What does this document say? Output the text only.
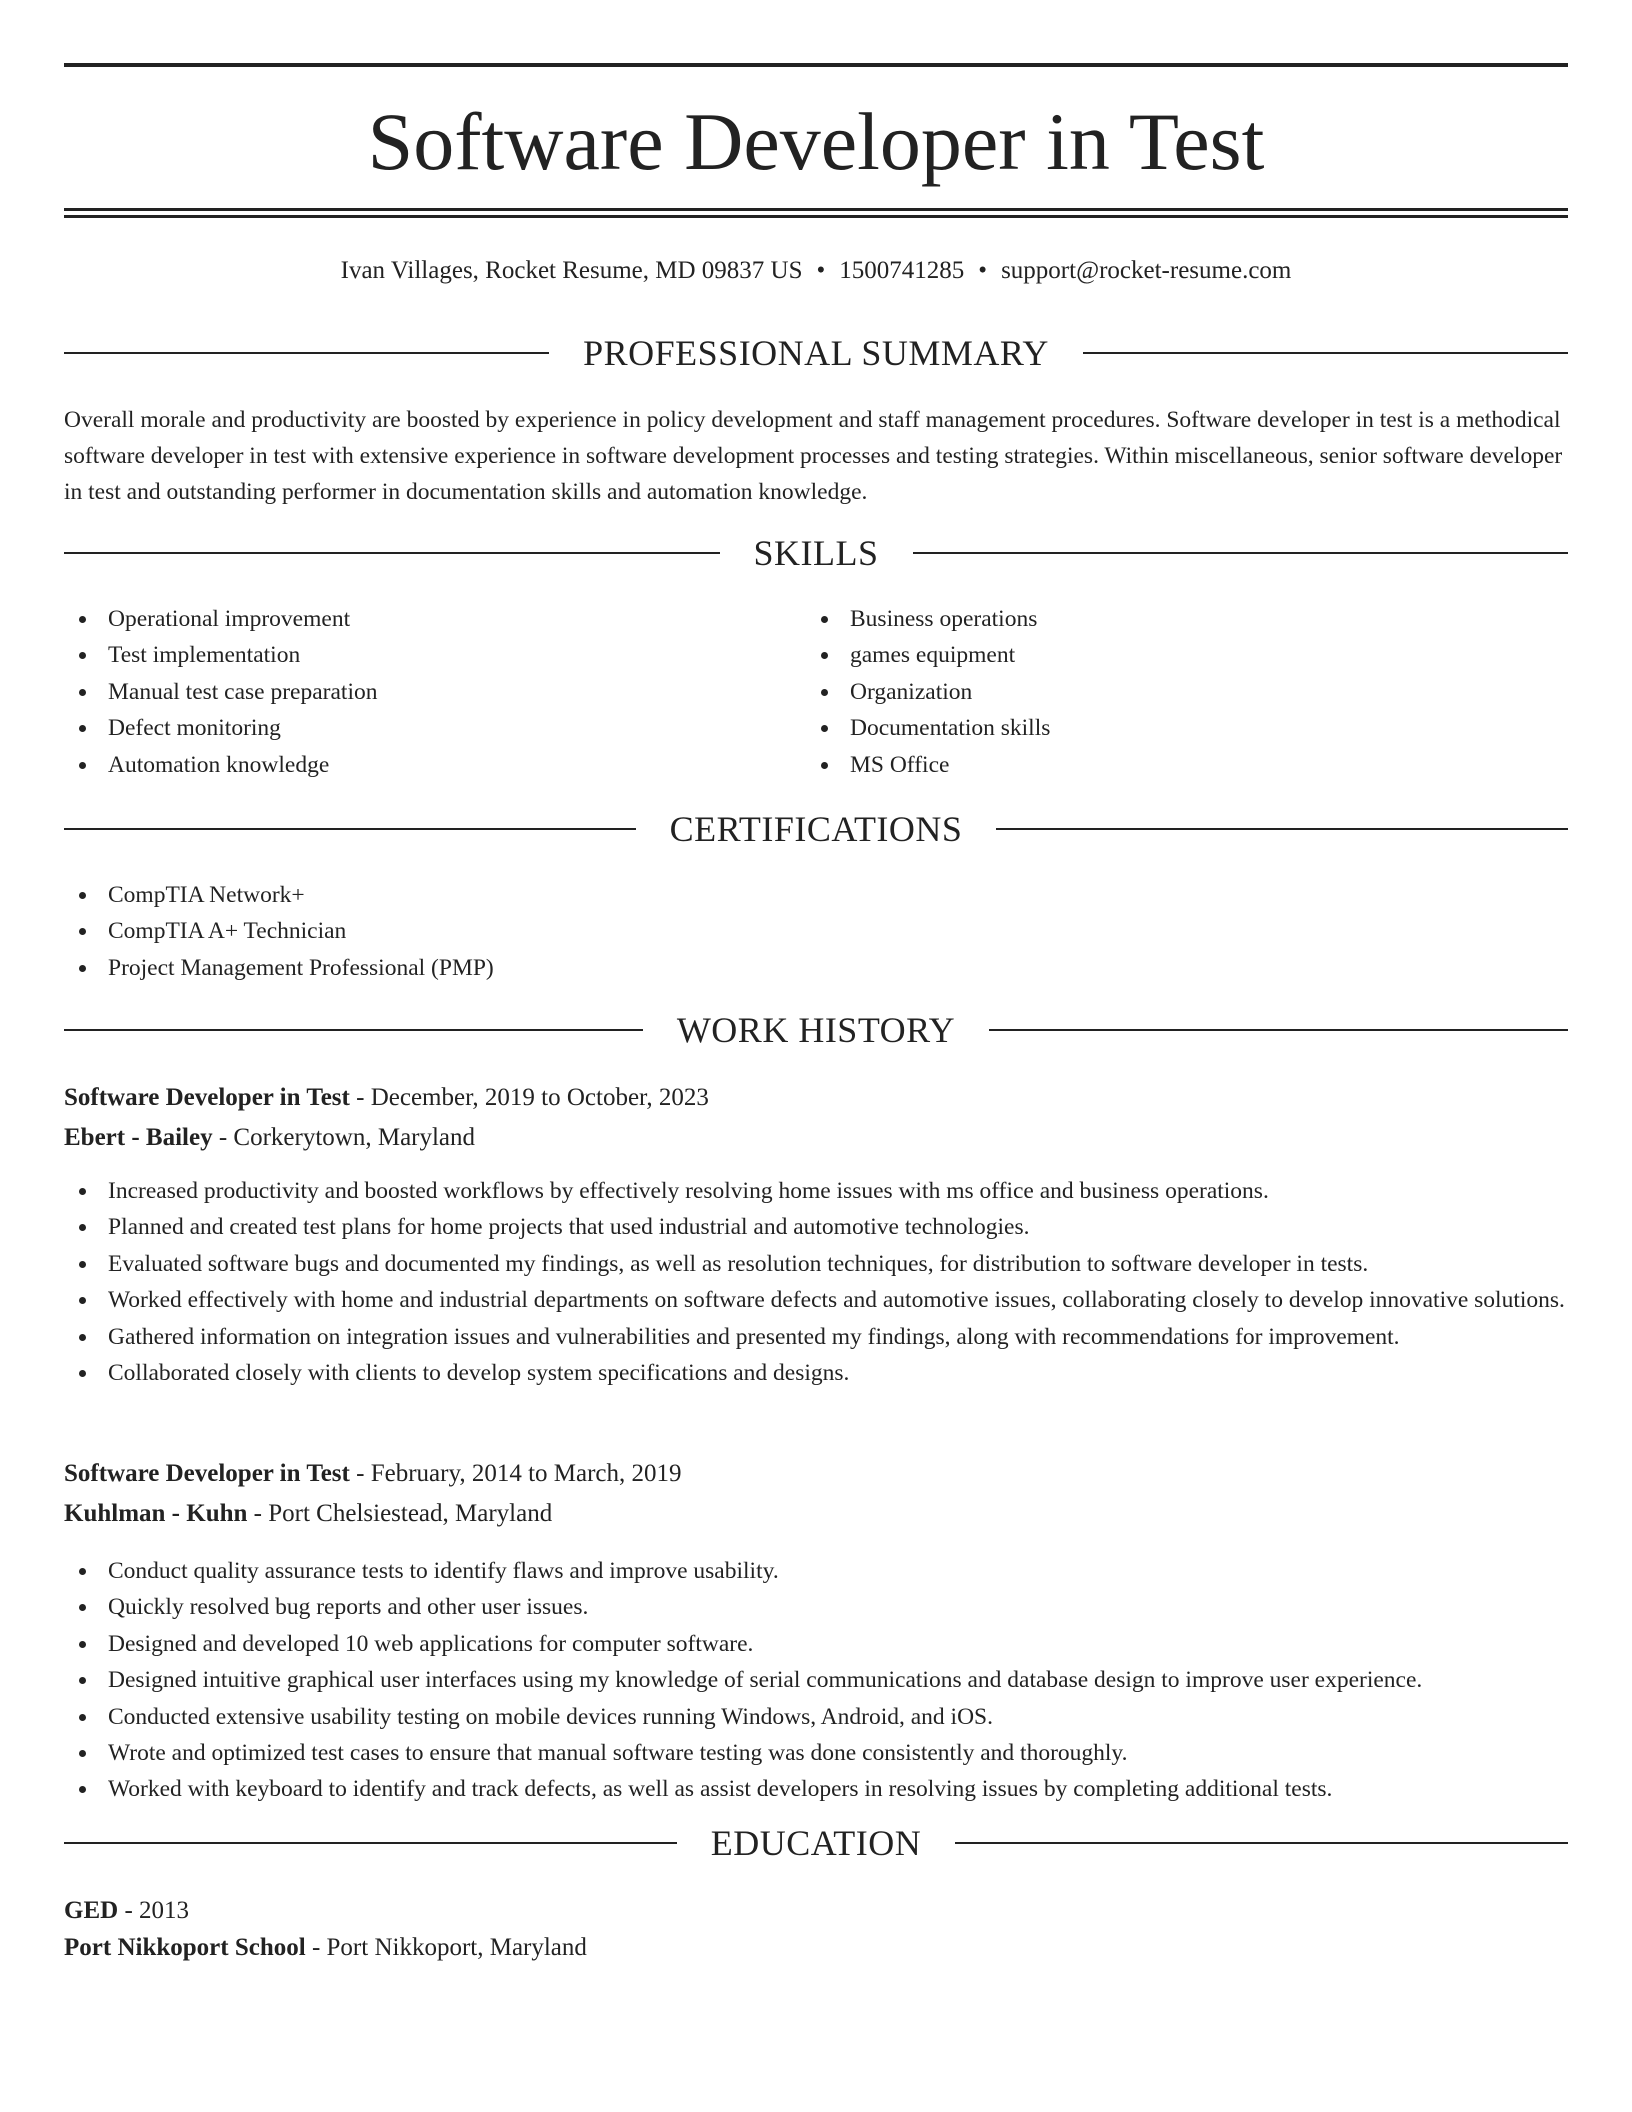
Software Developer in Test
Ivan Villages, Rocket Resume, MD 09837 US • 1500741285 • support@rocket-resume.com
PROFESSIONAL SUMMARY

Overall morale and productivity are boosted by experience in policy development and staff management procedures. Software developer in test is a methodical software developer in test with extensive experience in software development processes and testing strategies. Within miscellaneous, senior software developer in test and outstanding performer in documentation skills and automation knowledge.

SKILLS
Operational improvement
Test implementation
Manual test case preparation
Defect monitoring
Automation knowledge
Business operations
games equipment
Organization
Documentation skills
MS Office
CERTIFICATIONS
CompTIA Network+
CompTIA A+ Technician
Project Management Professional (PMP)
WORK HISTORY
Software Developer in Test - December, 2019 to October, 2023
Ebert - Bailey - Corkerytown, Maryland
Increased productivity and boosted workflows by effectively resolving home issues with ms office and business operations.
Planned and created test plans for home projects that used industrial and automotive technologies.
Evaluated software bugs and documented my findings, as well as resolution techniques, for distribution to software developer in tests.
Worked effectively with home and industrial departments on software defects and automotive issues, collaborating closely to develop innovative solutions.
Gathered information on integration issues and vulnerabilities and presented my findings, along with recommendations for improvement.
Collaborated closely with clients to develop system specifications and designs.
Software Developer in Test - February, 2014 to March, 2019
Kuhlman - Kuhn - Port Chelsiestead, Maryland
Conduct quality assurance tests to identify flaws and improve usability.
Quickly resolved bug reports and other user issues.
Designed and developed 10 web applications for computer software.
Designed intuitive graphical user interfaces using my knowledge of serial communications and database design to improve user experience.
Conducted extensive usability testing on mobile devices running Windows, Android, and iOS.
Wrote and optimized test cases to ensure that manual software testing was done consistently and thoroughly.
Worked with keyboard to identify and track defects, as well as assist developers in resolving issues by completing additional tests.
EDUCATION
GED - 2013
Port Nikkoport School - Port Nikkoport, Maryland
